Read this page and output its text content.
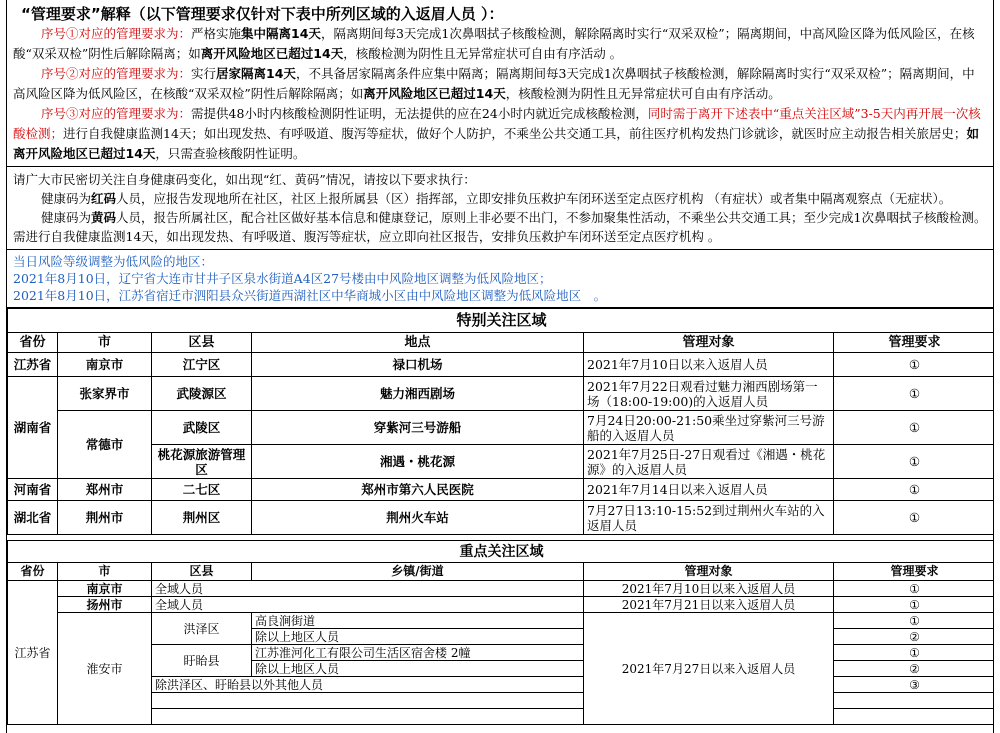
“管理要求”解释（以下管理要求仅针对下表中所列区域的入返眉人员 ）：
序号①对应的管理要求为：严格实施集中隔离14天，隔离期间每3天完成1次鼻咽拭子核酸检测，解除隔离时实行“双采双检”；隔离期间，中高风险区降为低风险区，在核酸“双采双检”阴性后解除隔离；如离开风险地区已超过14天，核酸检测为阴性且无异常症状可自由有序活动 。
序号②对应的管理要求为：实行居家隔离14天，不具备居家隔离条件应集中隔离；隔离期间每3天完成1次鼻咽拭子核酸检测，解除隔离时实行“双采双检”；隔离期间，中高风险区降为低风险区，在核酸“双采双检”阴性后解除隔离；如离开风险地区已超过14天，核酸检测为阴性且无异常症状可自由有序活动。
序号③对应的管理要求为：需提供48小时内核酸检测阴性证明，无法提供的应在24小时内就近完成核酸检测，同时需于离开下述表中“重点关注区域”3-5天内再开展一次核酸检测；进行自我健康监测14天；如出现发热、有呼吸道、腹泻等症状，做好个人防护，不乘坐公共交通工具，前往医疗机构发热门诊就诊，就医时应主动报告相关旅居史；如离开风险地区已超过14天，只需查验核酸阴性证明。
请广大市民密切关注自身健康码变化，如出现“红、黄码”情况，请按以下要求执行：
健康码为红码人员，应报告发现地所在社区，社区上报所属县（区）指挥部，立即安排负压救护车闭环送至定点医疗机构 （有症状）或者集中隔离观察点（无症状）。
健康码为黄码人员，报告所属社区，配合社区做好基本信息和健康登记，原则上非必要不出门，不参加聚集性活动，不乘坐公共交通工具；至少完成1次鼻咽拭子核酸检测。需进行自我健康监测14天，如出现发热、有呼吸道、腹泻等症状，应立即向社区报告，安排负压救护车闭环送至定点医疗机构 。
当日风险等级调整为低风险的地区：
2021年8月10日，辽宁省大连市甘井子区泉水街道A4区27号楼由中风险地区调整为低风险地区；
2021年8月10日，江苏省宿迁市泗阳县众兴街道西湖社区中华商城小区由中风险地区调整为低风险地区　。
特别关注区域					
省份	市	区县	地点	管理对象	管理要求
江苏省	南京市	江宁区	禄口机场	2021年7月10日以来入返眉人员	①
湖南省	张家界市	武陵源区	魅力湘西剧场	2021年7月22日观看过魅力湘西剧场第一场（18:00-19:00)的入返眉人员	①
	常德市	武陵区	穿紫河三号游船	7月24日20:00-21:50乘坐过穿紫河三号游船的入返眉人员	①
		桃花源旅游管理区	湘遇・桃花源	2021年7月25日-27日观看过《湘遇・桃花源》的入返眉人员	①
河南省	郑州市	二七区	郑州市第六人民医院	2021年7月14日以来入返眉人员	①
湖北省	荆州市	荆州区	荆州火车站	7月27日13:10-15:52到过荆州火车站的入返眉人员	①
重点关注区域					
省份	市	区县	乡镇/街道	管理对象	管理要求
江苏省	南京市	全域人员		2021年7月10日以来入返眉人员	①
	扬州市	全域人员		2021年7月21日以来入返眉人员	①
	淮安市	洪泽区	高良涧街道	2021年7月27日以来入返眉人员	①
			除以上地区人员		②
		盱眙县	江苏淮河化工有限公司生活区宿舍楼 2幢		①
			除以上地区人员		②
		除洪泽区、盱眙县以外其他人员			③
